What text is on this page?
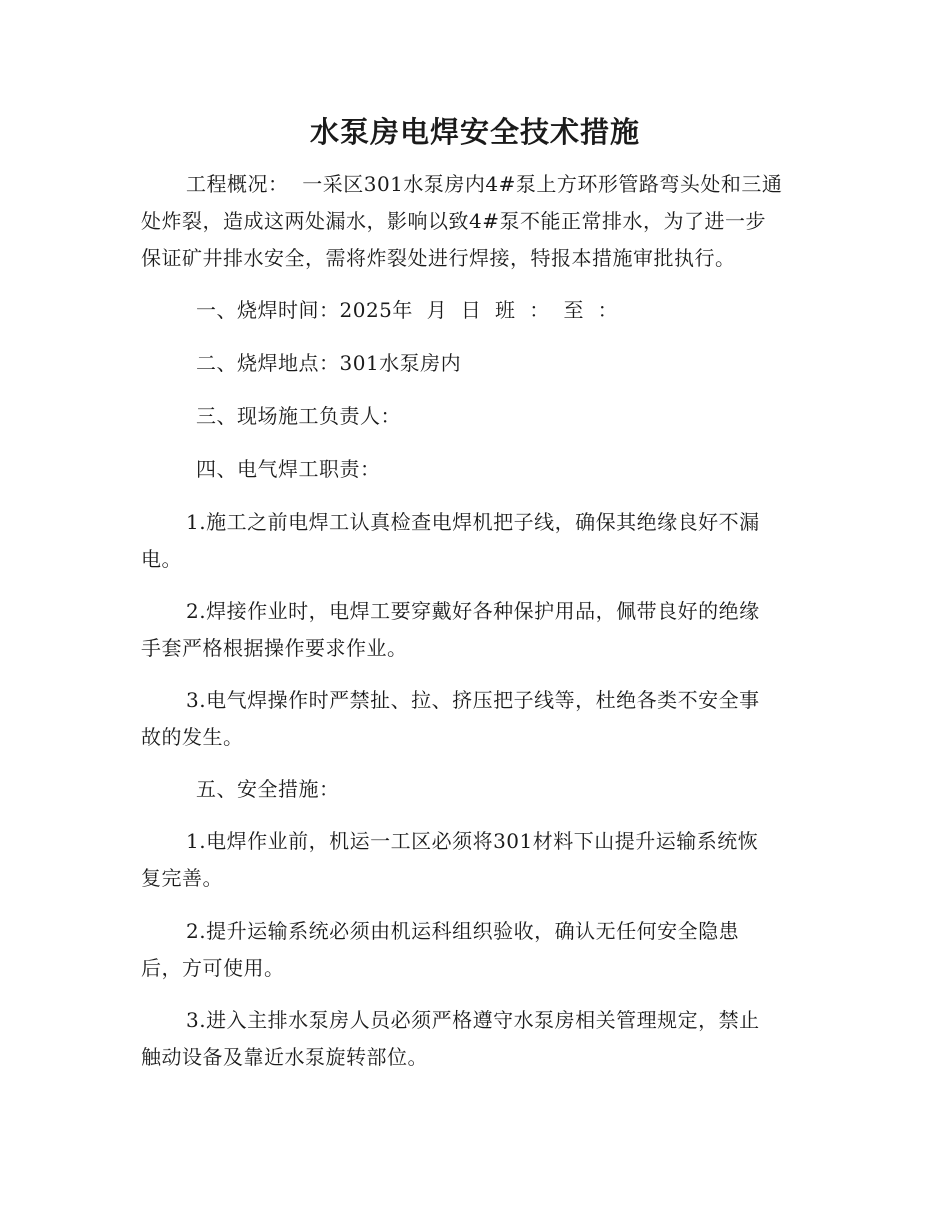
水泵房电焊安全技术措施
工程概况：  一采区301水泵房内4#泵上方环形管路弯头处和三通
处炸裂，造成这两处漏水，影响以致4#泵不能正常排水，为了进一步
保证矿井排水安全，需将炸裂处进行焊接，特报本措施审批执行。
一、烧焊时间：2025年  月  日  班  ：  至  ：
二、烧焊地点：301水泵房内
三、现场施工负责人：
四、电气焊工职责：
1.施工之前电焊工认真检查电焊机把子线，确保其绝缘良好不漏
电。
2.焊接作业时，电焊工要穿戴好各种保护用品，佩带良好的绝缘
手套严格根据操作要求作业。
3.电气焊操作时严禁扯、拉、挤压把子线等，杜绝各类不安全事
故的发生。
五、安全措施：
1.电焊作业前，机运一工区必须将301材料下山提升运输系统恢
复完善。
2.提升运输系统必须由机运科组织验收，确认无任何安全隐患
后，方可使用。
3.进入主排水泵房人员必须严格遵守水泵房相关管理规定，禁止
触动设备及靠近水泵旋转部位。
